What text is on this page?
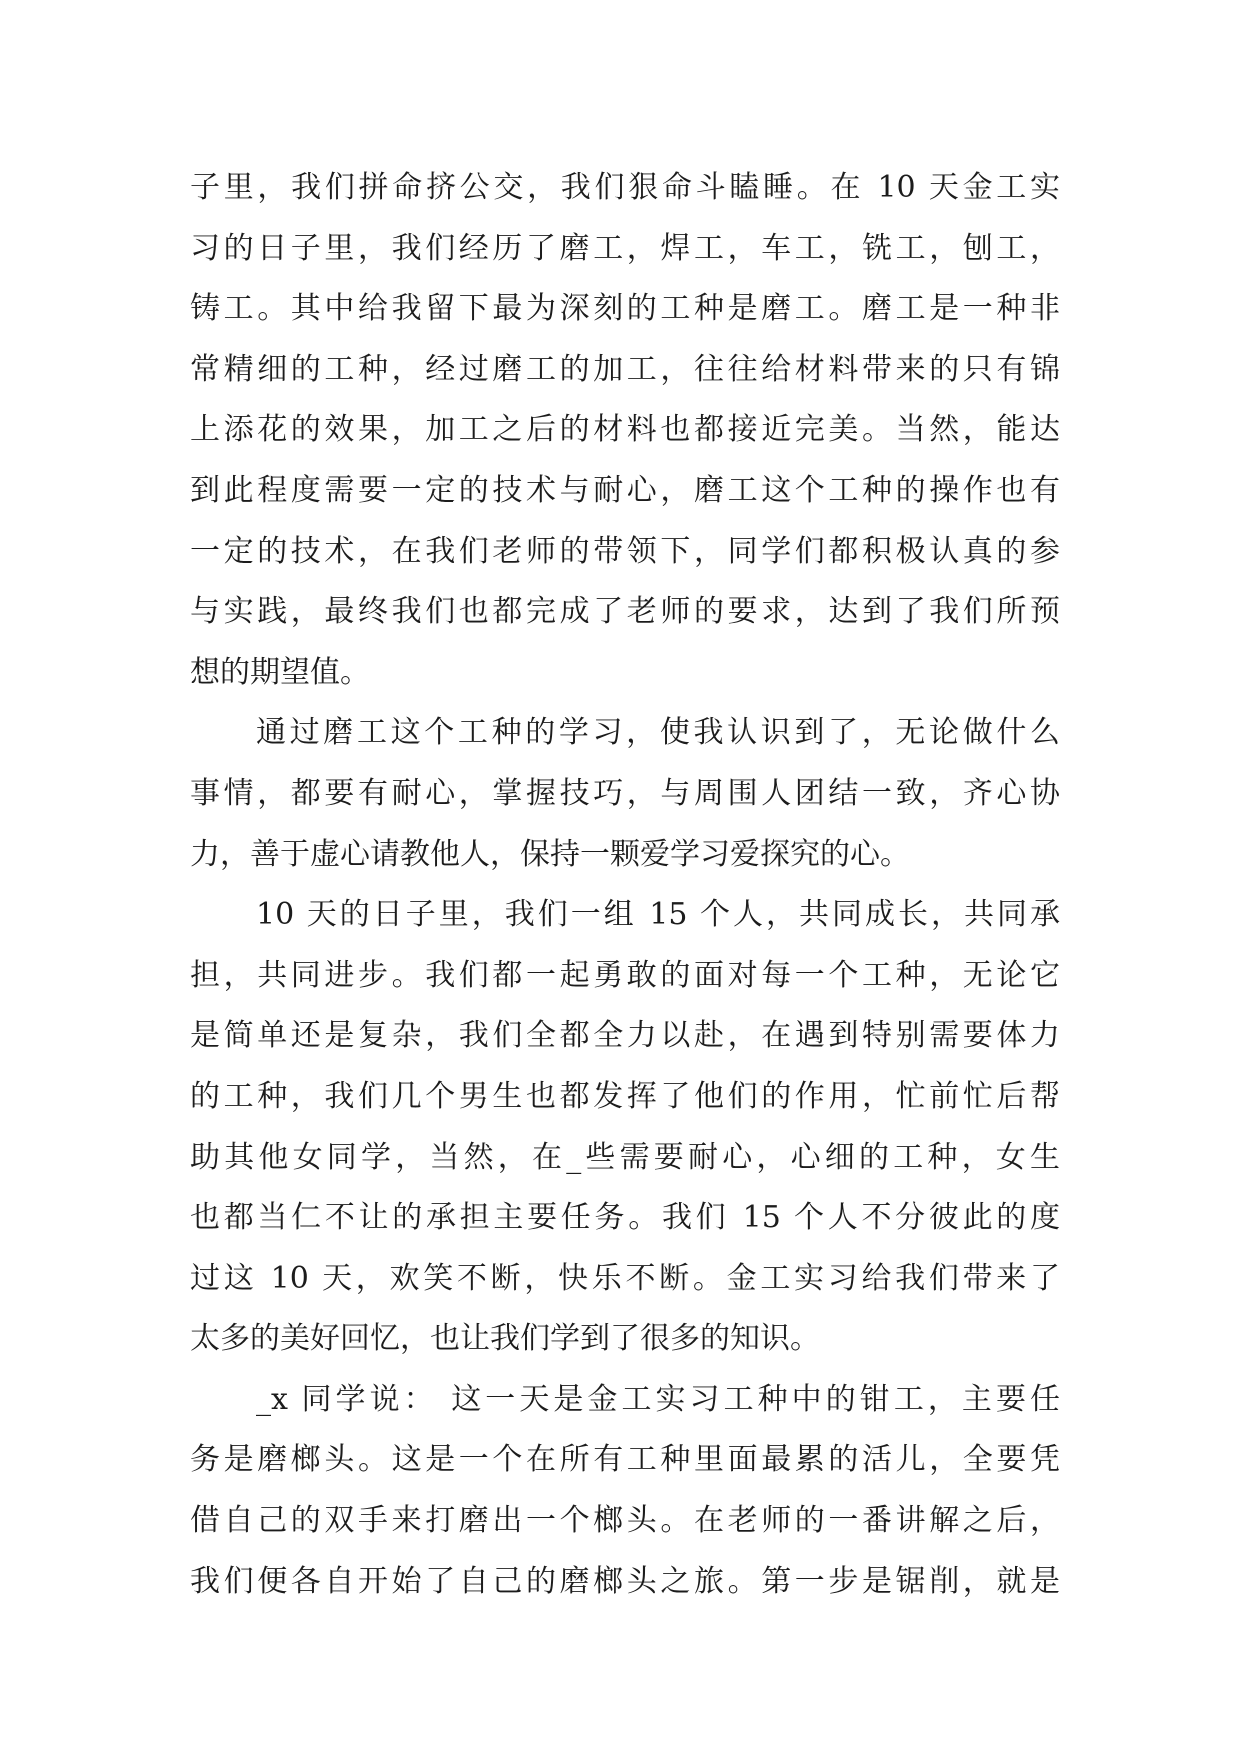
子里，我们拼命挤公交，我们狠命斗瞌睡。在 10 天金工实
习的日子里，我们经历了磨工，焊工，车工，铣工，刨工，
铸工。其中给我留下最为深刻的工种是磨工。磨工是一种非
常精细的工种，经过磨工的加工，往往给材料带来的只有锦
上添花的效果，加工之后的材料也都接近完美。当然，能达
到此程度需要一定的技术与耐心，磨工这个工种的操作也有
一定的技术，在我们老师的带领下，同学们都积极认真的参
与实践，最终我们也都完成了老师的要求，达到了我们所预
想的期望值。
通过磨工这个工种的学习，使我认识到了，无论做什么
事情，都要有耐心，掌握技巧，与周围人团结一致，齐心协
力，善于虚心请教他人，保持一颗爱学习爱探究的心。
10 天的日子里，我们一组 15 个人，共同成长，共同承
担，共同进步。我们都一起勇敢的面对每一个工种，无论它
是简单还是复杂，我们全都全力以赴，在遇到特别需要体力
的工种，我们几个男生也都发挥了他们的作用，忙前忙后帮
助其他女同学，当然，在_些需要耐心，心细的工种，女生
也都当仁不让的承担主要任务。我们 15 个人不分彼此的度
过这 10 天，欢笑不断，快乐不断。金工实习给我们带来了
太多的美好回忆，也让我们学到了很多的知识。
_x 同学说： 这一天是金工实习工种中的钳工，主要任
务是磨榔头。这是一个在所有工种里面最累的活儿，全要凭
借自己的双手来打磨出一个榔头。在老师的一番讲解之后，
我们便各自开始了自己的磨榔头之旅。第一步是锯削，就是
